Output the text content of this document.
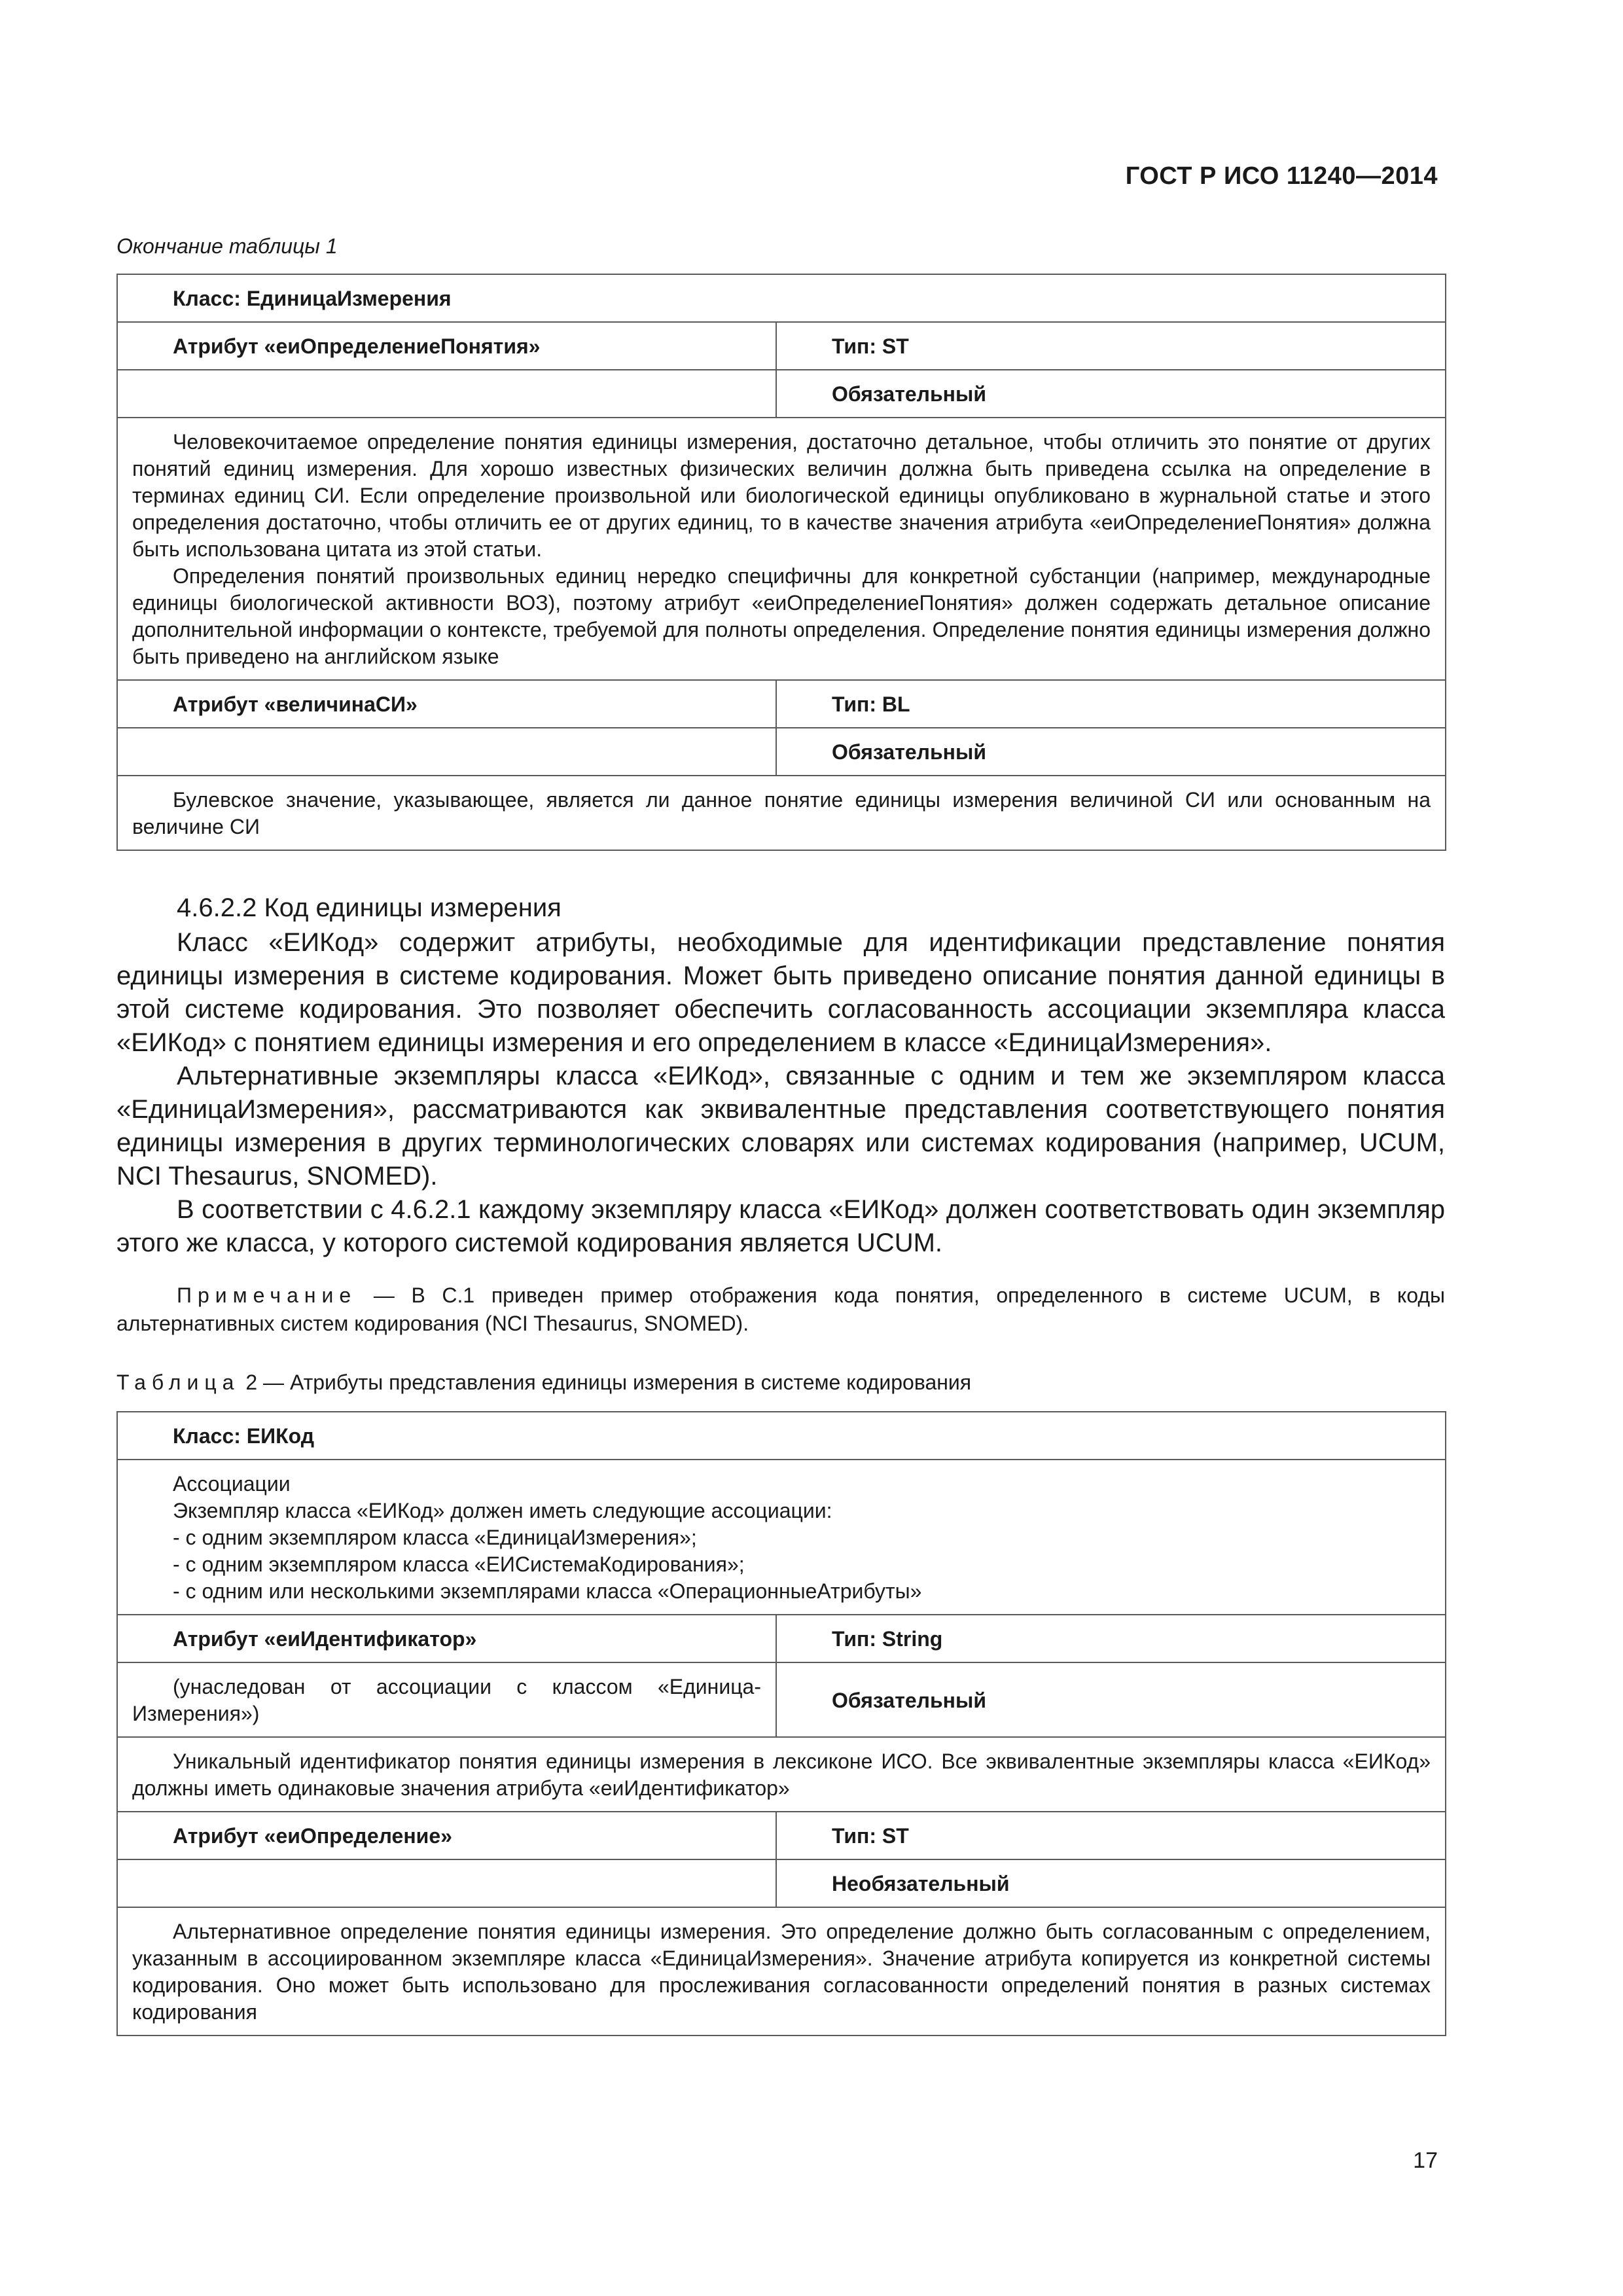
ГОСТ Р ИСО 11240—2014
Окончание таблицы 1
Класс: ЕдиницаИзмерения	
Атрибут «еиОпределениеПонятия»	Тип: ST
	Обязательный

Человекочитаемое определение понятия единицы измерения, достаточно детальное, чтобы отличить это понятие от других понятий единиц измерения. Для хорошо известных физических величин должна быть приведена ссылка на определение в терминах единиц СИ. Если определение произвольной или биологической единицы опубликовано в журнальной статье и этого определения достаточно, чтобы отличить ее от других единиц, то в качестве значения атрибута «еиОпределениеПонятия» должна быть использована цитата из этой статьи.

Определения понятий произвольных единиц нередко специфичны для конкретной субстанции (например, международные единицы биологической активности ВОЗ), поэтому атрибут «еиОпределениеПонятия» должен содержать детальное описание дополнительной информации о контексте, требуемой для полноты определения. Определение понятия единицы измерения должно быть приведено на английском языке	

Атрибут «величинаСИ»	Тип: BL
	Обязательный

Булевское значение, указывающее, является ли данное понятие единицы измерения величиной СИ или основанным на величине СИ	

4.6.2.2 Код единицы измерения

Класс «ЕИКод» содержит атрибуты, необходимые для идентификации представление понятия единицы измерения в системе кодирования. Может быть приведено описание понятия данной единицы в этой системе кодирования. Это позволяет обеспечить согласованность ассоциации экземпляра класса «ЕИКод» с понятием единицы измерения и его определением в классе «ЕдиницаИзмерения».

Альтернативные экземпляры класса «ЕИКод», связанные с одним и тем же экземпляром класса «ЕдиницаИзмерения», рассматриваются как эквивалентные представления соответствующего понятия единицы измерения в других терминологических словарях или системах кодирования (например, UCUM, NCI Thesaurus, SNOMED).

В соответствии с 4.6.2.1 каждому экземпляру класса «ЕИКод» должен соответствовать один экземпляр этого же класса, у которого системой кодирования является UCUM.

Примечание — В С.1 приведен пример отображения кода понятия, определенного в системе UCUM, в коды альтернативных систем кодирования (NCI Thesaurus, SNOMED).
Таблица 2 — Атрибуты представления единицы измерения в системе кодирования
Класс: ЕИКод	

Ассоциации

Экземпляр класса «ЕИКод» должен иметь следующие ассоциации:

- с одним экземпляром класса «ЕдиницаИзмерения»;

- с одним экземпляром класса «ЕИСистемаКодирования»;

- с одним или несколькими экземплярами класса «ОперационныеАтрибуты»	

Атрибут «еиИдентификатор»	Тип: String

(унаследован от ассоциации с классом «Единица-Измерения»)	Обязательный

Уникальный идентификатор понятия единицы измерения в лексиконе ИСО. Все эквивалентные экземпляры класса «ЕИКод» должны иметь одинаковые значения атрибута «еиИдентификатор»	

Атрибут «еиОпределение»	Тип: ST
	Необязательный

Альтернативное определение понятия единицы измерения. Это определение должно быть согласованным с определением, указанным в ассоциированном экземпляре класса «ЕдиницаИзмерения». Значение атрибута копируется из конкретной системы кодирования. Оно может быть использовано для прослеживания согласованности определений понятия в разных системах кодирования	

17
